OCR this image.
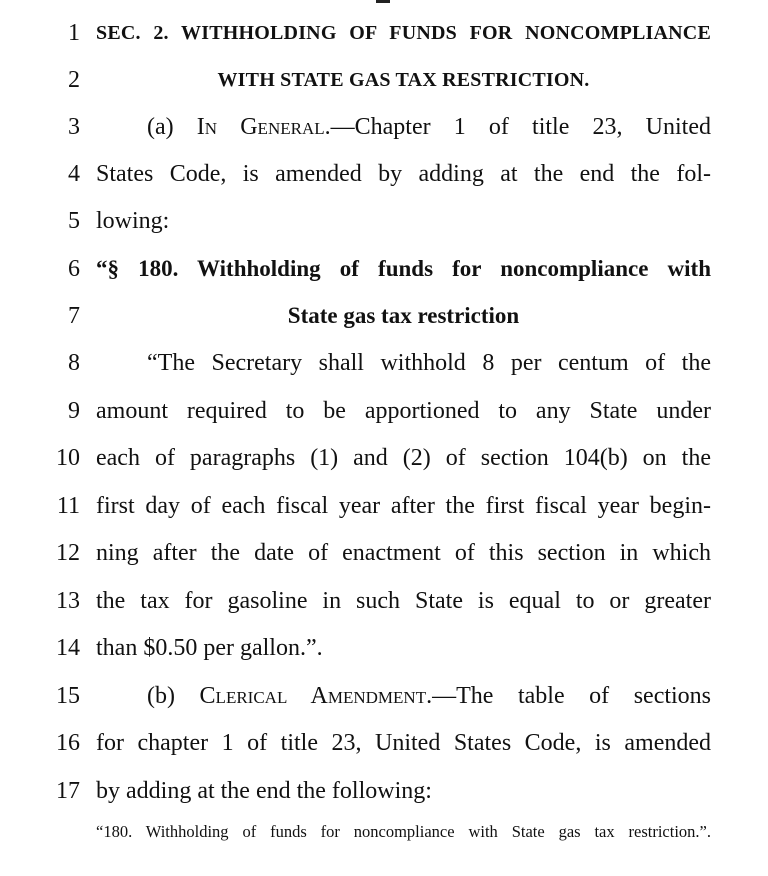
1 SEC. 2. WITHHOLDING OF FUNDS FOR NONCOMPLIANCE
2	WITH STATE GAS TAX RESTRICTION.
3	(a) In General.—Chapter 1 of title 23, United
4 States Code, is amended by adding at the end the fol-
5 lowing:
6 “§ 180. Withholding of funds for noncompliance with
7	State gas tax restriction
8	“The Secretary shall withhold 8 per centum of the
9 amount required to be apportioned to any State under
10 each of paragraphs (1) and (2) of section 104(b) on the
11 first day of each fiscal year after the first fiscal year begin-
12 ning after the date of enactment of this section in which
13 the tax for gasoline in such State is equal to or greater
14 than $0.50 per gallon.”.
15	(b) Clerical Amendment.—The table of sections
16 for chapter 1 of title 23, United States Code, is amended
17 by adding at the end the following:
“180. Withholding of funds for noncompliance with State gas tax restriction.”.
